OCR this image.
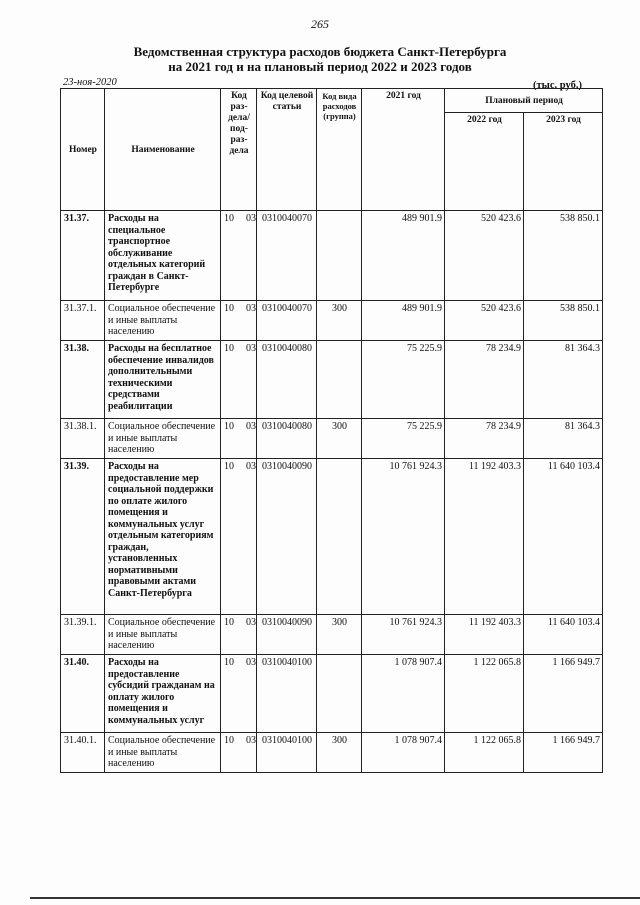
265
Ведомственная структура расходов бюджета Санкт-Петербурга
на 2021 год и на плановый период 2022 и 2023 годов
23-ноя-2020	(тыс. руб.)
Номер	Наименование	Код раз-дела/ под-раз-дела	Код целевой статьи	Код вида расходов (группа)	2021 год	Плановый период	
						2022 год	2023 год
31.37.	Расходы на специальное транспортное обслуживание отдельных категорий граждан в Санкт-Петербурге	10 03	0310040070		489 901.9	520 423.6	538 850.1
31.37.1.	Социальное обеспечение и иные выплаты населению	10 03	0310040070	300	489 901.9	520 423.6	538 850.1
31.38.	Расходы на бесплатное обеспечение инвалидов дополнительными техническими средствами реабилитации	10 03	0310040080		75 225.9	78 234.9	81 364.3
31.38.1.	Социальное обеспечение и иные выплаты населению	10 03	0310040080	300	75 225.9	78 234.9	81 364.3
31.39.	Расходы на предоставление мер социальной поддержки по оплате жилого помещения и коммунальных услуг отдельным категориям граждан, установленных нормативными правовыми актами Санкт-Петербурга	10 03	0310040090		10 761 924.3	11 192 403.3	11 640 103.4
31.39.1.	Социальное обеспечение и иные выплаты населению	10 03	0310040090	300	10 761 924.3	11 192 403.3	11 640 103.4
31.40.	Расходы на предоставление субсидий гражданам на оплату жилого помещения и коммунальных услуг	10 03	0310040100		1 078 907.4	1 122 065.8	1 166 949.7
31.40.1.	Социальное обеспечение и иные выплаты населению	10 03	0310040100	300	1 078 907.4	1 122 065.8	1 166 949.7
